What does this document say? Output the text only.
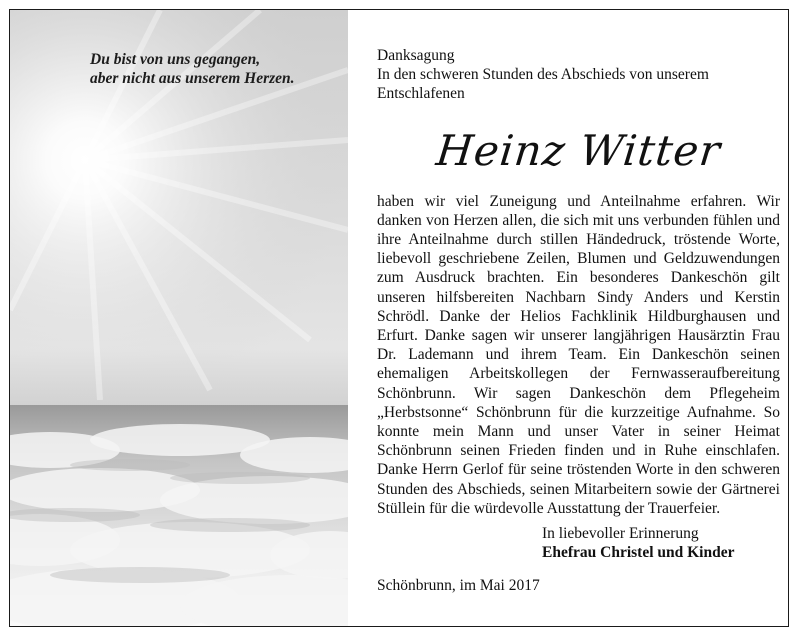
Du bist von uns gegangen,
aber nicht aus unserem Herzen.
Danksagung
In den schweren Stunden des Abschieds von unserem Entschlafenen
Heinz Witter
haben wir viel Zuneigung und Anteilnahme erfahren. Wir danken von Herzen allen, die sich mit uns verbunden fühlen und ihre Anteilnahme durch stillen Händedruck, tröstende Worte, liebevoll geschriebene Zeilen, Blumen und Geldzuwendungen zum Ausdruck brachten. Ein besonderes Dankeschön gilt unseren hilfsbereiten Nachbarn Sindy Anders und Kerstin Schrödl. Danke der Helios Fachklinik Hildburghausen und Erfurt. Danke sagen wir unserer langjährigen Hausärztin Frau Dr. Lademann und ihrem Team. Ein Dankeschön seinen ehemaligen Arbeitskollegen der Fernwasseraufbereitung Schönbrunn. Wir sagen Dankeschön dem Pflegeheim „Herbstsonne“ Schönbrunn für die kurzzeitige Aufnahme. So konnte mein Mann und unser Vater in seiner Heimat Schönbrunn seinen Frieden finden und in Ruhe einschlafen. Danke Herrn Gerlof für seine tröstenden Worte in den schweren Stunden des Abschieds, seinen Mitarbeitern sowie der Gärtnerei Stüllein für die würdevolle Ausstattung der Trauerfeier.
In liebevoller Erinnerung
Ehefrau Christel und Kinder
Schönbrunn, im Mai 2017
